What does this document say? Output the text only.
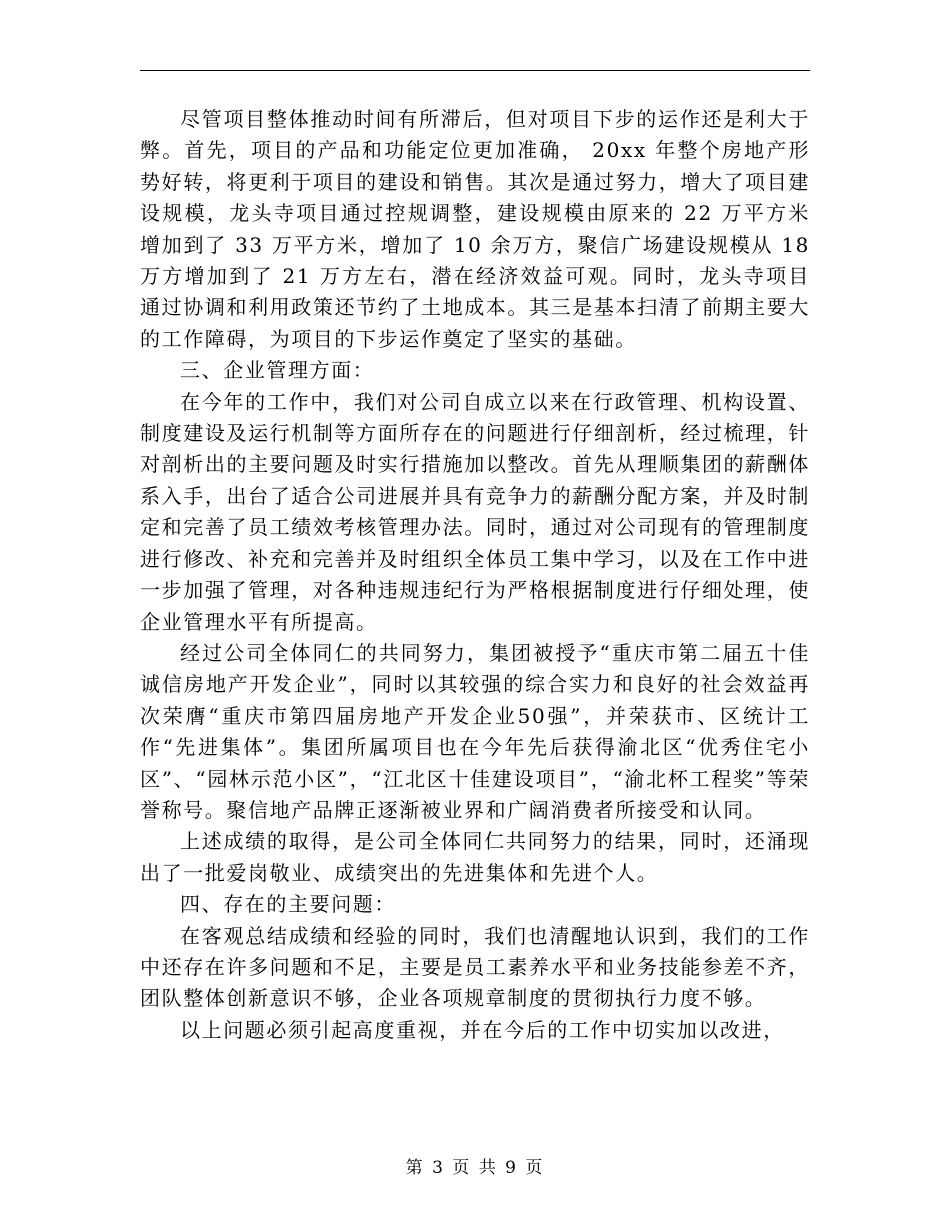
尽管项目整体推动时间有所滞后，但对项目下步的运作还是利大于弊。首先，项目的产品和功能定位更加准确， 20xx 年整个房地产形势好转，将更利于项目的建设和销售。其次是通过努力，增大了项目建设规模，龙头寺项目通过控规调整，建设规模由原来的 22 万平方米增加到了 33 万平方米，增加了 10 余万方，聚信广场建设规模从 18 万方增加到了 21 万方左右，潜在经济效益可观。同时，龙头寺项目通过协调和利用政策还节约了土地成本。其三是基本扫清了前期主要大的工作障碍，为项目的下步运作奠定了坚实的基础。

三、企业管理方面：

在今年的工作中，我们对公司自成立以来在行政管理、机构设置、制度建设及运行机制等方面所存在的问题进行仔细剖析，经过梳理，针对剖析出的主要问题及时实行措施加以整改。首先从理顺集团的薪酬体系入手，出台了适合公司进展并具有竞争力的薪酬分配方案，并及时制定和完善了员工绩效考核管理办法。同时，通过对公司现有的管理制度进行修改、补充和完善并及时组织全体员工集中学习，以及在工作中进一步加强了管理，对各种违规违纪行为严格根据制度进行仔细处理，使企业管理水平有所提高。

经过公司全体同仁的共同努力，集团被授予“重庆市第二届五十佳诚信房地产开发企业”，同时以其较强的综合实力和良好的社会效益再次荣膺“重庆市第四届房地产开发企业50强”，并荣获市、区统计工作“先进集体”。集团所属项目也在今年先后获得渝北区“优秀住宅小区”、“园林示范小区”，“江北区十佳建设项目”，“渝北杯工程奖”等荣誉称号。聚信地产品牌正逐渐被业界和广阔消费者所接受和认同。

上述成绩的取得，是公司全体同仁共同努力的结果，同时，还涌现出了一批爱岗敬业、成绩突出的先进集体和先进个人。

四、存在的主要问题：

在客观总结成绩和经验的同时，我们也清醒地认识到，我们的工作中还存在许多问题和不足，主要是员工素养水平和业务技能参差不齐，团队整体创新意识不够，企业各项规章制度的贯彻执行力度不够。

以上问题必须引起高度重视，并在今后的工作中切实加以改进，

第 3 页 共 9 页
